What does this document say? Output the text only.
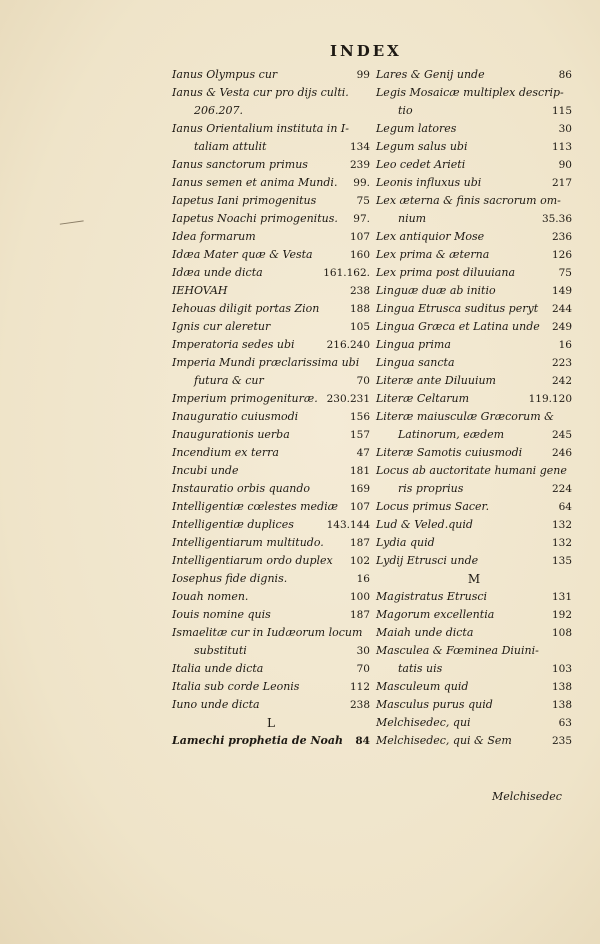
INDEX
Ianus Olympus cur	99
Ianus & Vesta cur pro dijs culti.
206.207.
Ianus Orientalium instituta in I-
taliam attulit	134
Ianus sanctorum primus	239
Ianus semen et anima Mundi. 99.
Iapetus Iani primogenitus	75
Iapetus Noachi primogenitus. 97.
Idea formarum	107
Idæa Mater quæ & Vesta	160
Idæa unde dicta	161.162.
IEHOVAH	238
Iehouas diligit portas Zion	188
Ignis cur aleretur	105
Imperatoria sedes ubi	216.240
Imperia Mundi præclarissima ubi
futura & cur	70
Imperium primogenituræ. 230.231
Inauguratio cuiusmodi	156
Inaugurationis uerba	157
Incendium ex terra	47
Incubi unde	181
Instauratio orbis quando	169
Intelligentiæ cœlestes mediæ 107
Intelligentiæ duplices	143.144
Intelligentiarum multitudo. 187
Intelligentiarum ordo duplex 102
Iosephus fide dignis.	16
Iouah nomen.	100
Iouis nomine quis	187
Ismaelitæ cur in Iudæorum locum
substituti	30
Italia unde dicta	70
Italia sub corde Leonis	112
Iuno unde dicta	238
L
Lamechi prophetia de Noah 84
Lares & Genij unde	86
Legis Mosaicæ multiplex descrip-
tio	115
Legum latores	30
Legum salus ubi	113
Leo cedet Arieti	90
Leonis influxus ubi	217
Lex æterna & finis sacrorum om-
nium	35.36
Lex antiquior Mose	236
Lex prima & æterna	126
Lex prima post diluuiana	75
Linguæ duæ ab initio	149
Lingua Etrusca suditus peryt 244
Lingua Græca et Latina unde 249
Lingua prima	16
Lingua sancta	223
Literæ ante Diluuium	242
Literæ Celtarum	119.120
Literæ maiusculæ Græcorum &
Latinorum, eædem	245
Literæ Samotis cuiusmodi	246
Locus ab auctoritate humani gene
ris proprius	224
Locus primus Sacer.	64
Lud & Veled.quid	132
Lydia quid	132
Lydij Etrusci unde	135
M
Magistratus Etrusci	131
Magorum excellentia	192
Maiah unde dicta	108
Masculea & Fœminea Diuini-
tatis uis	103
Masculeum quid	138
Masculus purus quid	138
Melchisedec, qui	63
Melchisedec, qui & Sem	235
Melchisedec
